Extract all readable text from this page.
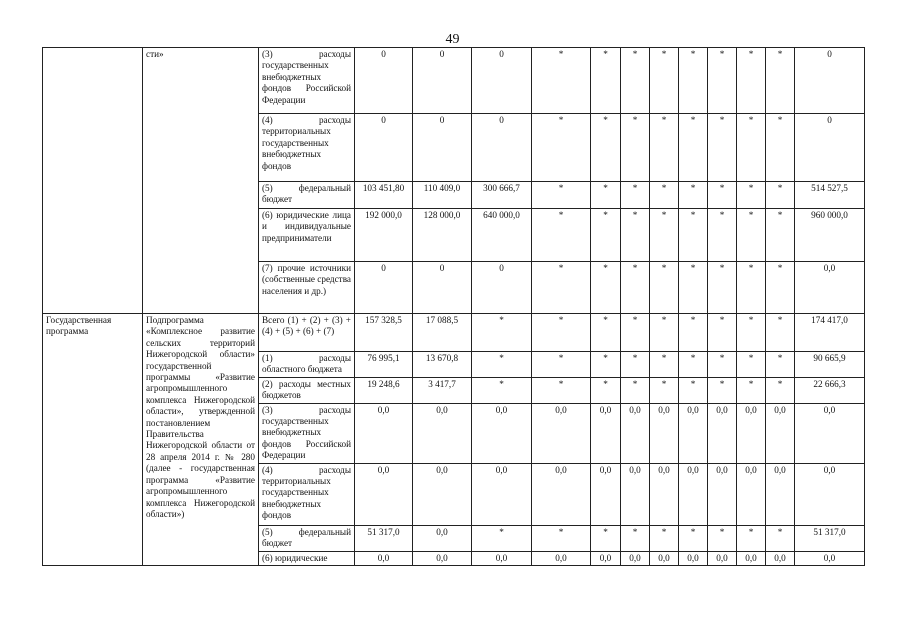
49
	сти»	(3) расходы государственных внебюджетных фондов Российской Федерации	0	0	0	*	*	*	*	*	*	*	*	0
		(4) расходы территориальных государственных внебюджетных фондов	0	0	0	*	*	*	*	*	*	*	*	0
		(5) федеральный бюджет	103 451,80	110 409,0	300 666,7	*	*	*	*	*	*	*	*	514 527,5
		(6) юридические лица и индивидуальные предприниматели	192 000,0	128 000,0	640 000,0	*	*	*	*	*	*	*	*	960 000,0
		(7) прочие источники (собственные средства населения и др.)	0	0	0	*	*	*	*	*	*	*	*	0,0
Государственная программа	Подпрограмма «Комплексное развитие сельских территорий Нижегородской области» государственной программы «Развитие агропромышленного комплекса Нижегородской области», утвержденной постановлением Правительства Нижегородской области от 28 апреля 2014 г. № 280 (далее - государственная программа «Развитие агропромышленного комплекса Нижегородской области»)	Всего (1) + (2) + (3) + (4) + (5) + (6) + (7)	157 328,5	17 088,5	*	*	*	*	*	*	*	*	*	174 417,0
		(1) расходы областного бюджета	76 995,1	13 670,8	*	*	*	*	*	*	*	*	*	90 665,9
		(2) расходы местных бюджетов	19 248,6	3 417,7	*	*	*	*	*	*	*	*	*	22 666,3
		(3) расходы государственных внебюджетных фондов Российской Федерации	0,0	0,0	0,0	0,0	0,0	0,0	0,0	0,0	0,0	0,0	0,0	0,0
		(4) расходы территориальных государственных внебюджетных фондов	0,0	0,0	0,0	0,0	0,0	0,0	0,0	0,0	0,0	0,0	0,0	0,0
		(5) федеральный бюджет	51 317,0	0,0	*	*	*	*	*	*	*	*	*	51 317,0
		(6) юридические	0,0	0,0	0,0	0,0	0,0	0,0	0,0	0,0	0,0	0,0	0,0	0,0
